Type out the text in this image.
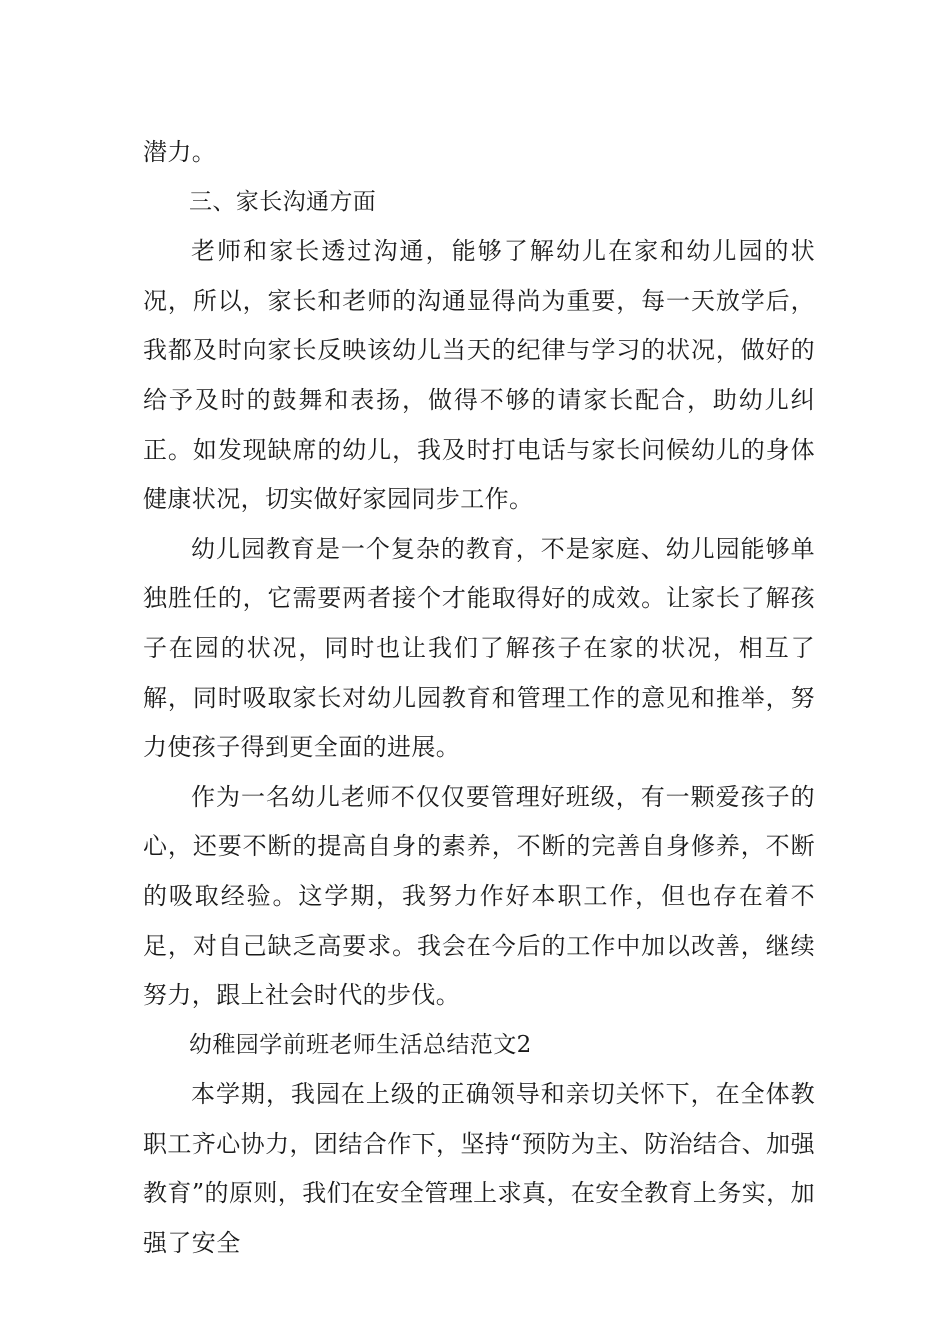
潜力。

三、家长沟通方面

老师和家长透过沟通，能够了解幼儿在家和幼儿园的状况，所以，家长和老师的沟通显得尚为重要，每一天放学后，我都及时向家长反映该幼儿当天的纪律与学习的状况，做好的给予及时的鼓舞和表扬，做得不够的请家长配合，助幼儿纠正。如发现缺席的幼儿，我及时打电话与家长问候幼儿的身体健康状况，切实做好家园同步工作。

幼儿园教育是一个复杂的教育，不是家庭、幼儿园能够单独胜任的，它需要两者接个才能取得好的成效。让家长了解孩子在园的状况，同时也让我们了解孩子在家的状况，相互了解，同时吸取家长对幼儿园教育和管理工作的意见和推举，努力使孩子得到更全面的进展。

作为一名幼儿老师不仅仅要管理好班级，有一颗爱孩子的心，还要不断的提高自身的素养，不断的完善自身修养，不断的吸取经验。这学期，我努力作好本职工作，但也存在着不足，对自己缺乏高要求。我会在今后的工作中加以改善，继续努力，跟上社会时代的步伐。

幼稚园学前班老师生活总结范文2

本学期，我园在上级的正确领导和亲切关怀下，在全体教职工齐心协力，团结合作下，坚持“预防为主、防治结合、加强教育”的原则，我们在安全管理上求真，在安全教育上务实，加强了安全
